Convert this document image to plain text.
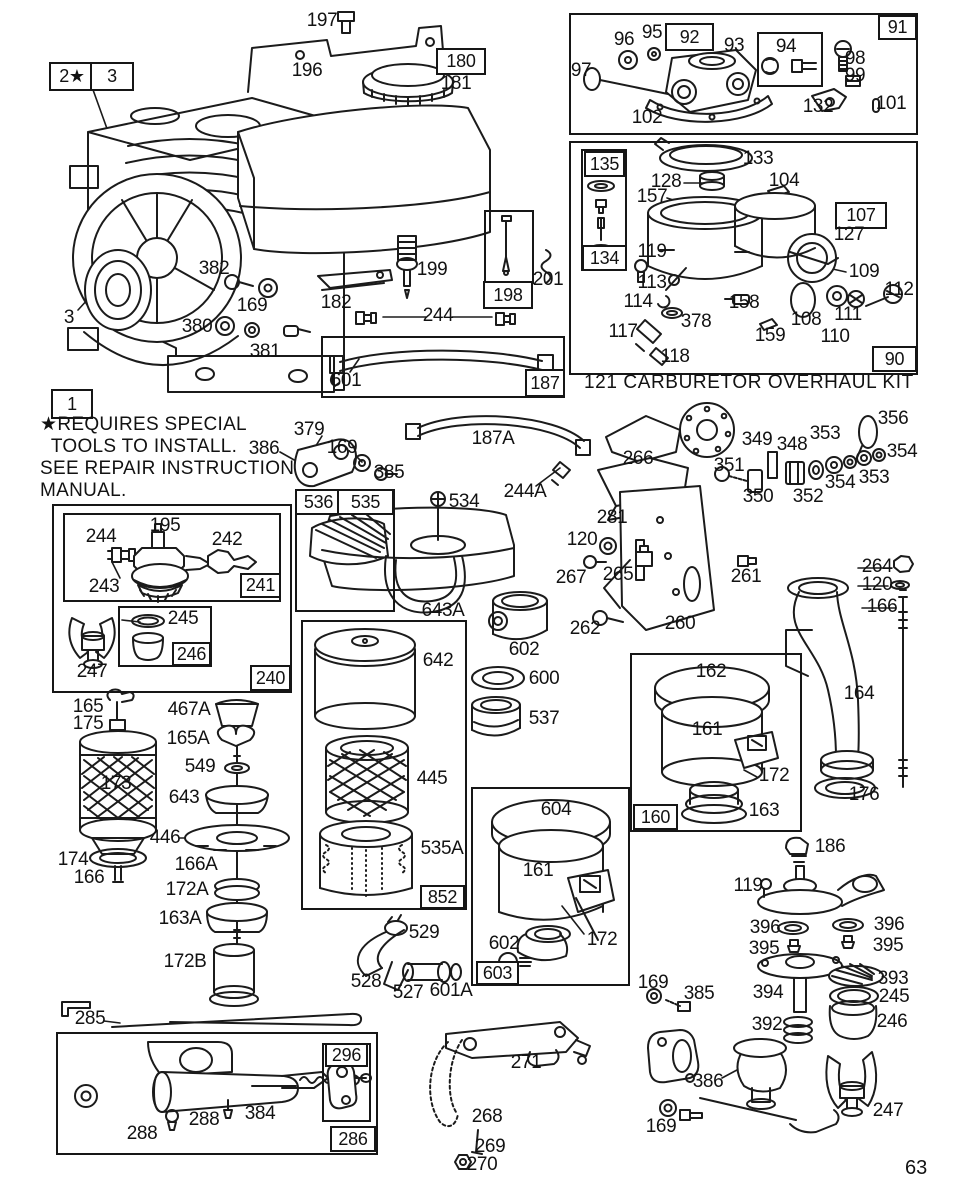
2★	3
180
1
198
91
92
135
134
107
90
187
536 535
241
246
240
852
160
603
296
286
197
196
181
3
382
169
380
381
182
199
244
601
201
96 95
93
97
94
98
99
132 101
102
133
128	104
157
119
127
109
112
113
114
378
117
118
158
159
108 111
110
379
386 169
385
187A
244A
534
266
349 348
353
356
351
350 352
354 353
354
281
120
265
267	261
262	260
264
120
166
164
176
244
195
242
243
245
247
643A
602
600
537
642
445
535A
162
161
172
163
165
175
467A
165A
549
173
643
446
174
166
166A
172A
163A
172B
529
528
527 601A
604
161
602	172
186
119
396	396
395	395
393
394	245
392	246
169
385
386
169
247
285
288
288 384
271
268
269
270
★REQUIRES SPECIAL
TOOLS TO INSTALL.
SEE REPAIR INSTRUCTION
MANUAL.
121 CARBURETOR OVERHAUL KIT
63
